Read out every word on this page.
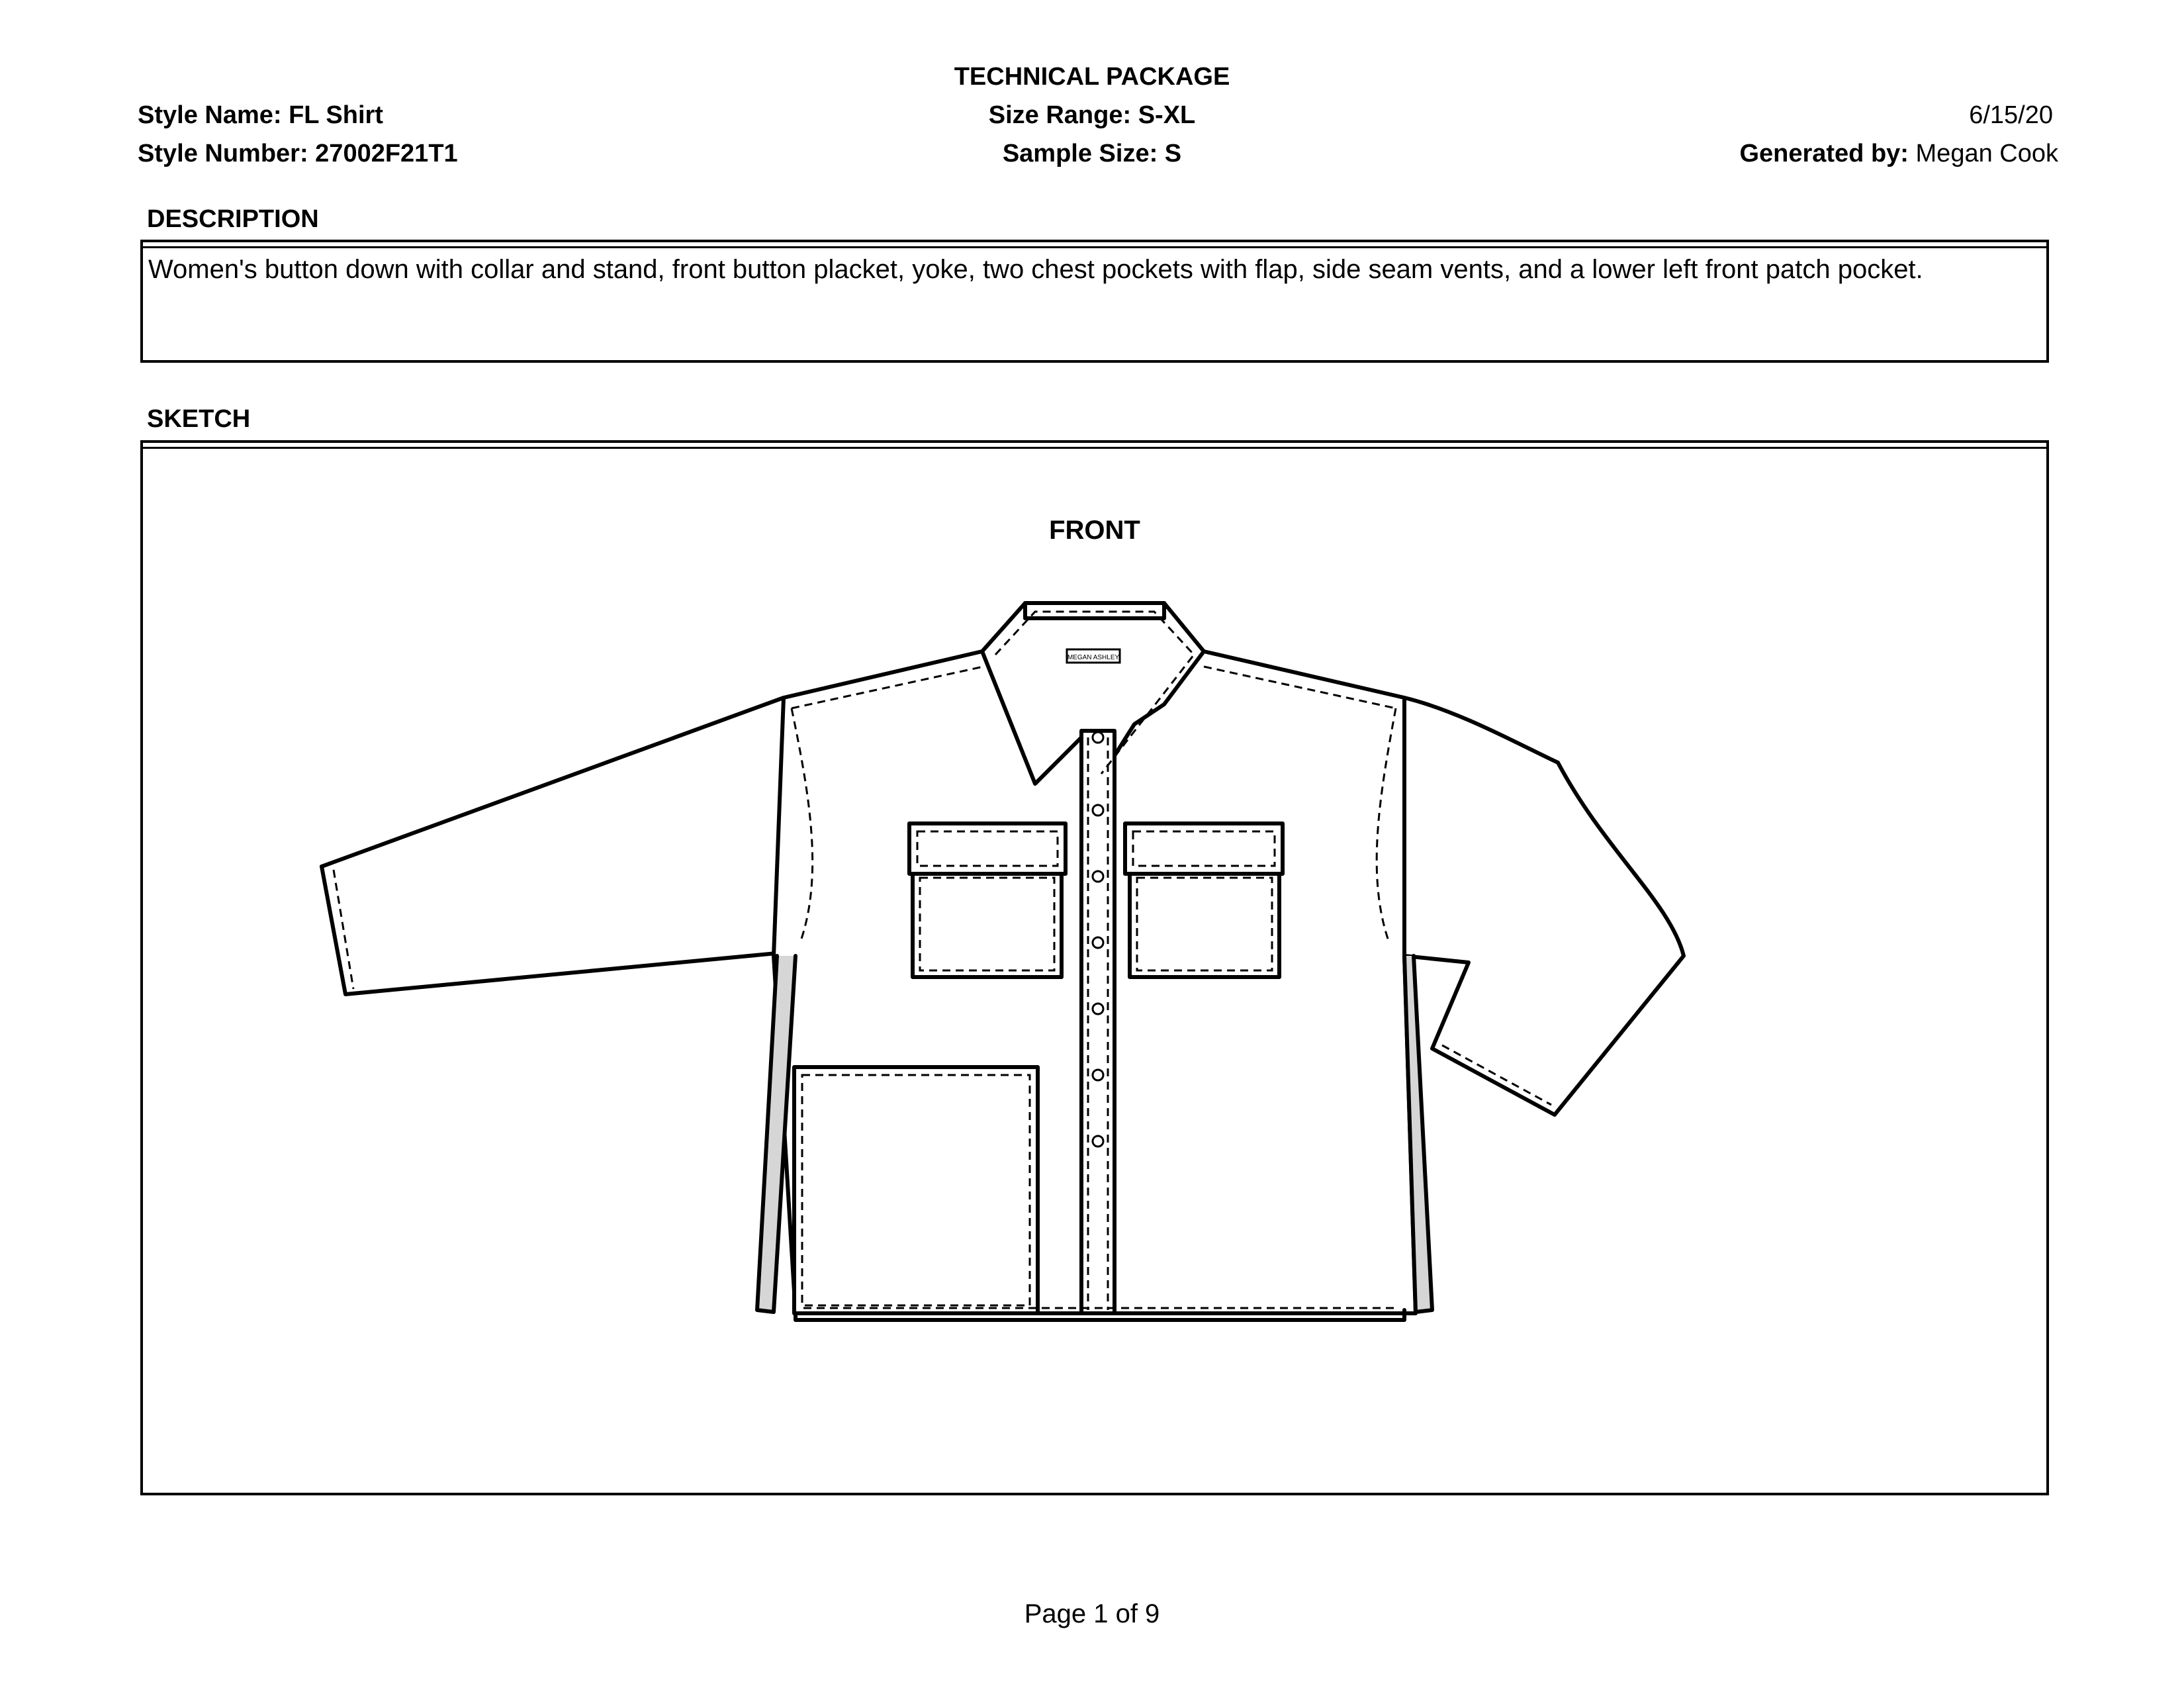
TECHNICAL PACKAGE
Style Name: FL Shirt
Style Number: 27002F21T1
Size Range: S-XL
Sample Size: S
6/15/20
Generated by: Megan Cook
DESCRIPTION
Women's button down with collar and stand, front button placket, yoke, two chest pockets with flap, side seam vents, and a lower left front patch pocket.
SKETCH
FRONT
MEGAN ASHLEY
Page 1 of 9
